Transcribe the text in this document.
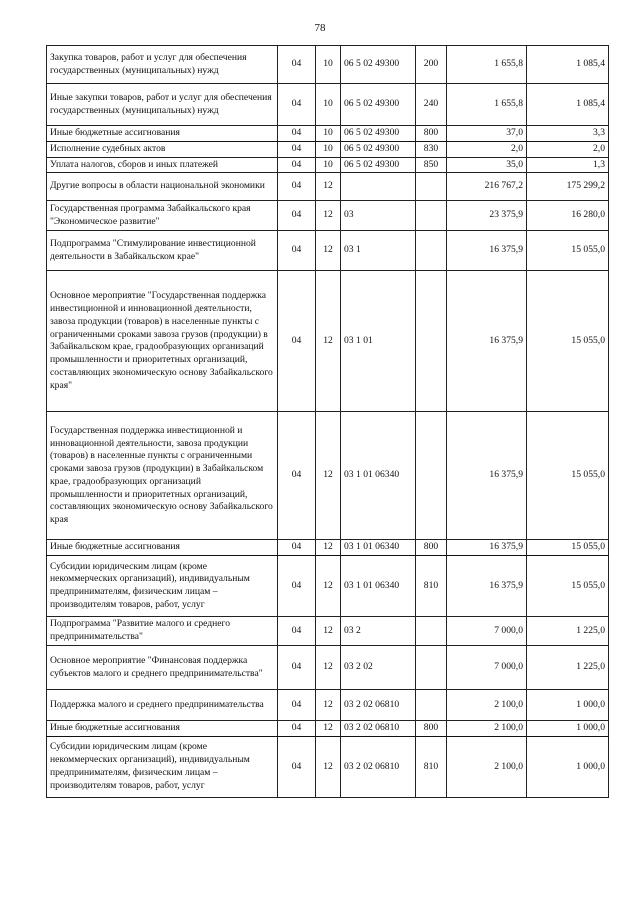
78
Закупка товаров, работ и услуг для обеспечения государственных (муниципальных) нужд	04	10	06 5 02 49300	200	1 655,8	1 085,4
Иные закупки товаров, работ и услуг для обеспечения государственных (муниципальных) нужд	04	10	06 5 02 49300	240	1 655,8	1 085,4
Иные бюджетные ассигнования	04	10	06 5 02 49300	800	37,0	3,3
Исполнение судебных актов	04	10	06 5 02 49300	830	2,0	2,0
Уплата налогов, сборов и иных платежей	04	10	06 5 02 49300	850	35,0	1,3
Другие вопросы в области национальной экономики	04	12			216 767,2	175 299,2
Государственная программа Забайкальского края "Экономическое развитие"	04	12	03		23 375,9	16 280,0
Подпрограмма "Стимулирование инвестиционной деятельности в Забайкальском крае"	04	12	03 1		16 375,9	15 055,0
Основное мероприятие "Государственная поддержка инвестиционной и инновационной деятельности, завоза продукции (товаров) в населенные пункты с ограниченными сроками завоза грузов (продукции) в Забайкальском крае, градообразующих организаций промышленности и приоритетных организаций, составляющих экономическую основу Забайкальского края"	04	12	03 1 01		16 375,9	15 055,0
Государственная поддержка инвестиционной и инновационной деятельности, завоза продукции (товаров) в населенные пункты с ограниченными сроками завоза грузов (продукции) в Забайкальском крае, градообразующих организаций промышленности и приоритетных организаций, составляющих экономическую основу Забайкальского края	04	12	03 1 01 06340		16 375,9	15 055,0
Иные бюджетные ассигнования	04	12	03 1 01 06340	800	16 375,9	15 055,0
Субсидии юридическим лицам (кроме некоммерческих организаций), индивидуальным предпринимателям, физическим лицам – производителям товаров, работ, услуг	04	12	03 1 01 06340	810	16 375,9	15 055,0
Подпрограмма "Развитие малого и среднего предпринимательства"	04	12	03 2		7 000,0	1 225,0
Основное мероприятие "Финансовая поддержка субъектов малого и среднего предпринимательства"	04	12	03 2 02		7 000,0	1 225,0
Поддержка малого и среднего предпринимательства	04	12	03 2 02 06810		2 100,0	1 000,0
Иные бюджетные ассигнования	04	12	03 2 02 06810	800	2 100,0	1 000,0
Субсидии юридическим лицам (кроме некоммерческих организаций), индивидуальным предпринимателям, физическим лицам – производителям товаров, работ, услуг	04	12	03 2 02 06810	810	2 100,0	1 000,0
